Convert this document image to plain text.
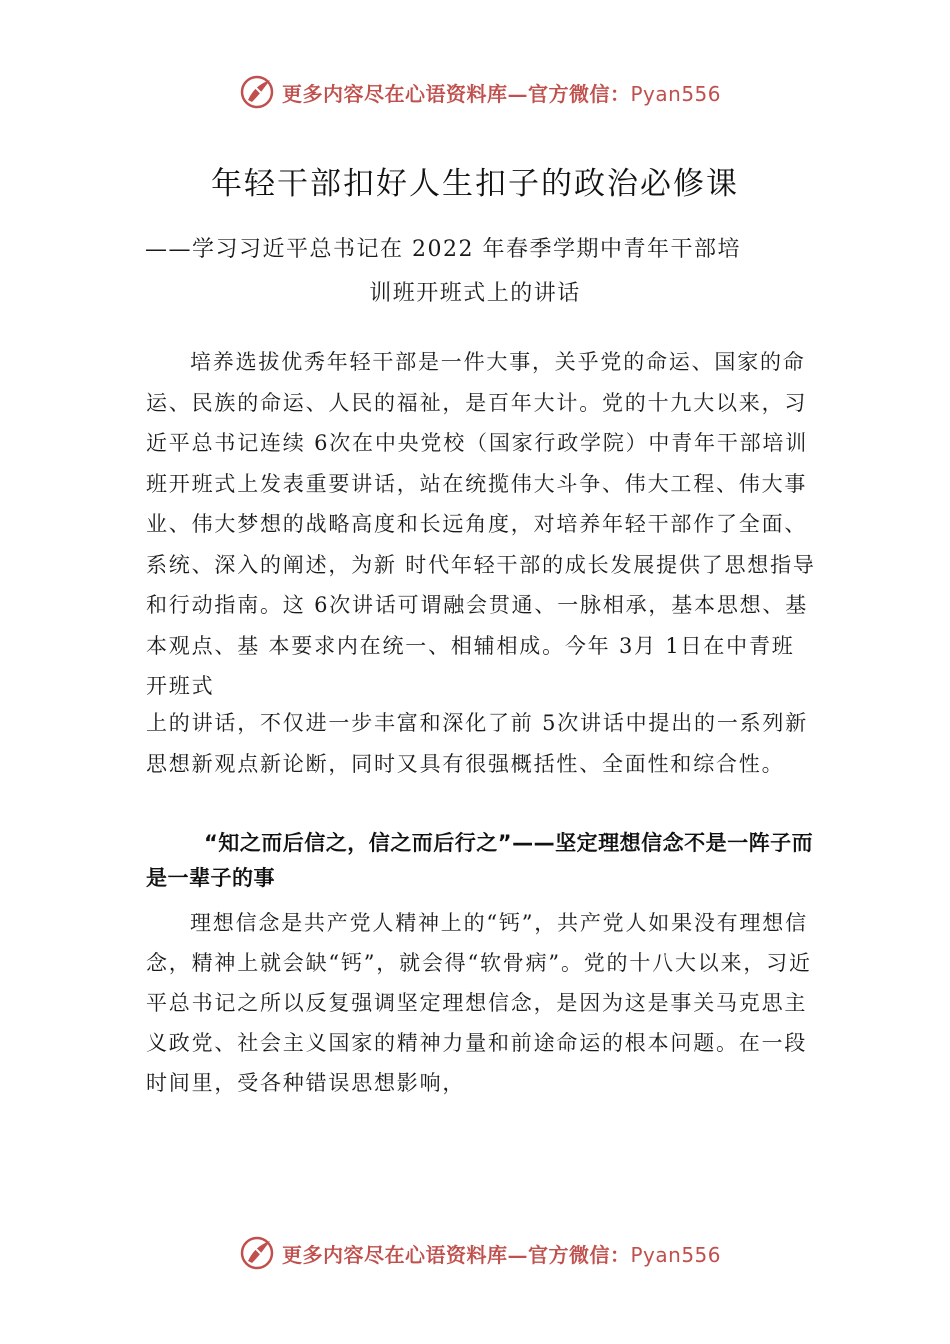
更多内容尽在心语资料库—官方微信：Pyan556
年轻干部扣好人生扣子的政治必修课

——学习习近平总书记在 2022 年春季学期中青年干部培

训班开班式上的讲话

培养选拔优秀年轻干部是一件大事，关乎党的命运、国家的命运、民族的命运、人民的福祉，是百年大计。党的十九大以来，习近平总书记连续 6次在中央党校（国家行政学院）中青年干部培训班开班式上发表重要讲话，站在统揽伟大斗争、伟大工程、伟大事业、伟大梦想的战略高度和长远角度，对培养年轻干部作了全面、系统、深入的阐述，为新 时代年轻干部的成长发展提供了思想指导和行动指南。这 6次讲话可谓融会贯通、一脉相承，基本思想、基本观点、基 本要求内在统一、相辅相成。今年 3月 1日在中青班开班式

上的讲话，不仅进一步丰富和深化了前 5次讲话中提出的一系列新思想新观点新论断，同时又具有很强概括性、全面性和综合性。

“知之而后信之，信之而后行之”——坚定理想信念不是一阵子而是一辈子的事

理想信念是共产党人精神上的“钙”，共产党人如果没有理想信念，精神上就会缺“钙”，就会得“软骨病”。党的十八大以来，习近平总书记之所以反复强调坚定理想信念，是因为这是事关马克思主义政党、社会主义国家的精神力量和前途命运的根本问题。在一段时间里，受各种错误思想影响，

更多内容尽在心语资料库—官方微信：Pyan556
